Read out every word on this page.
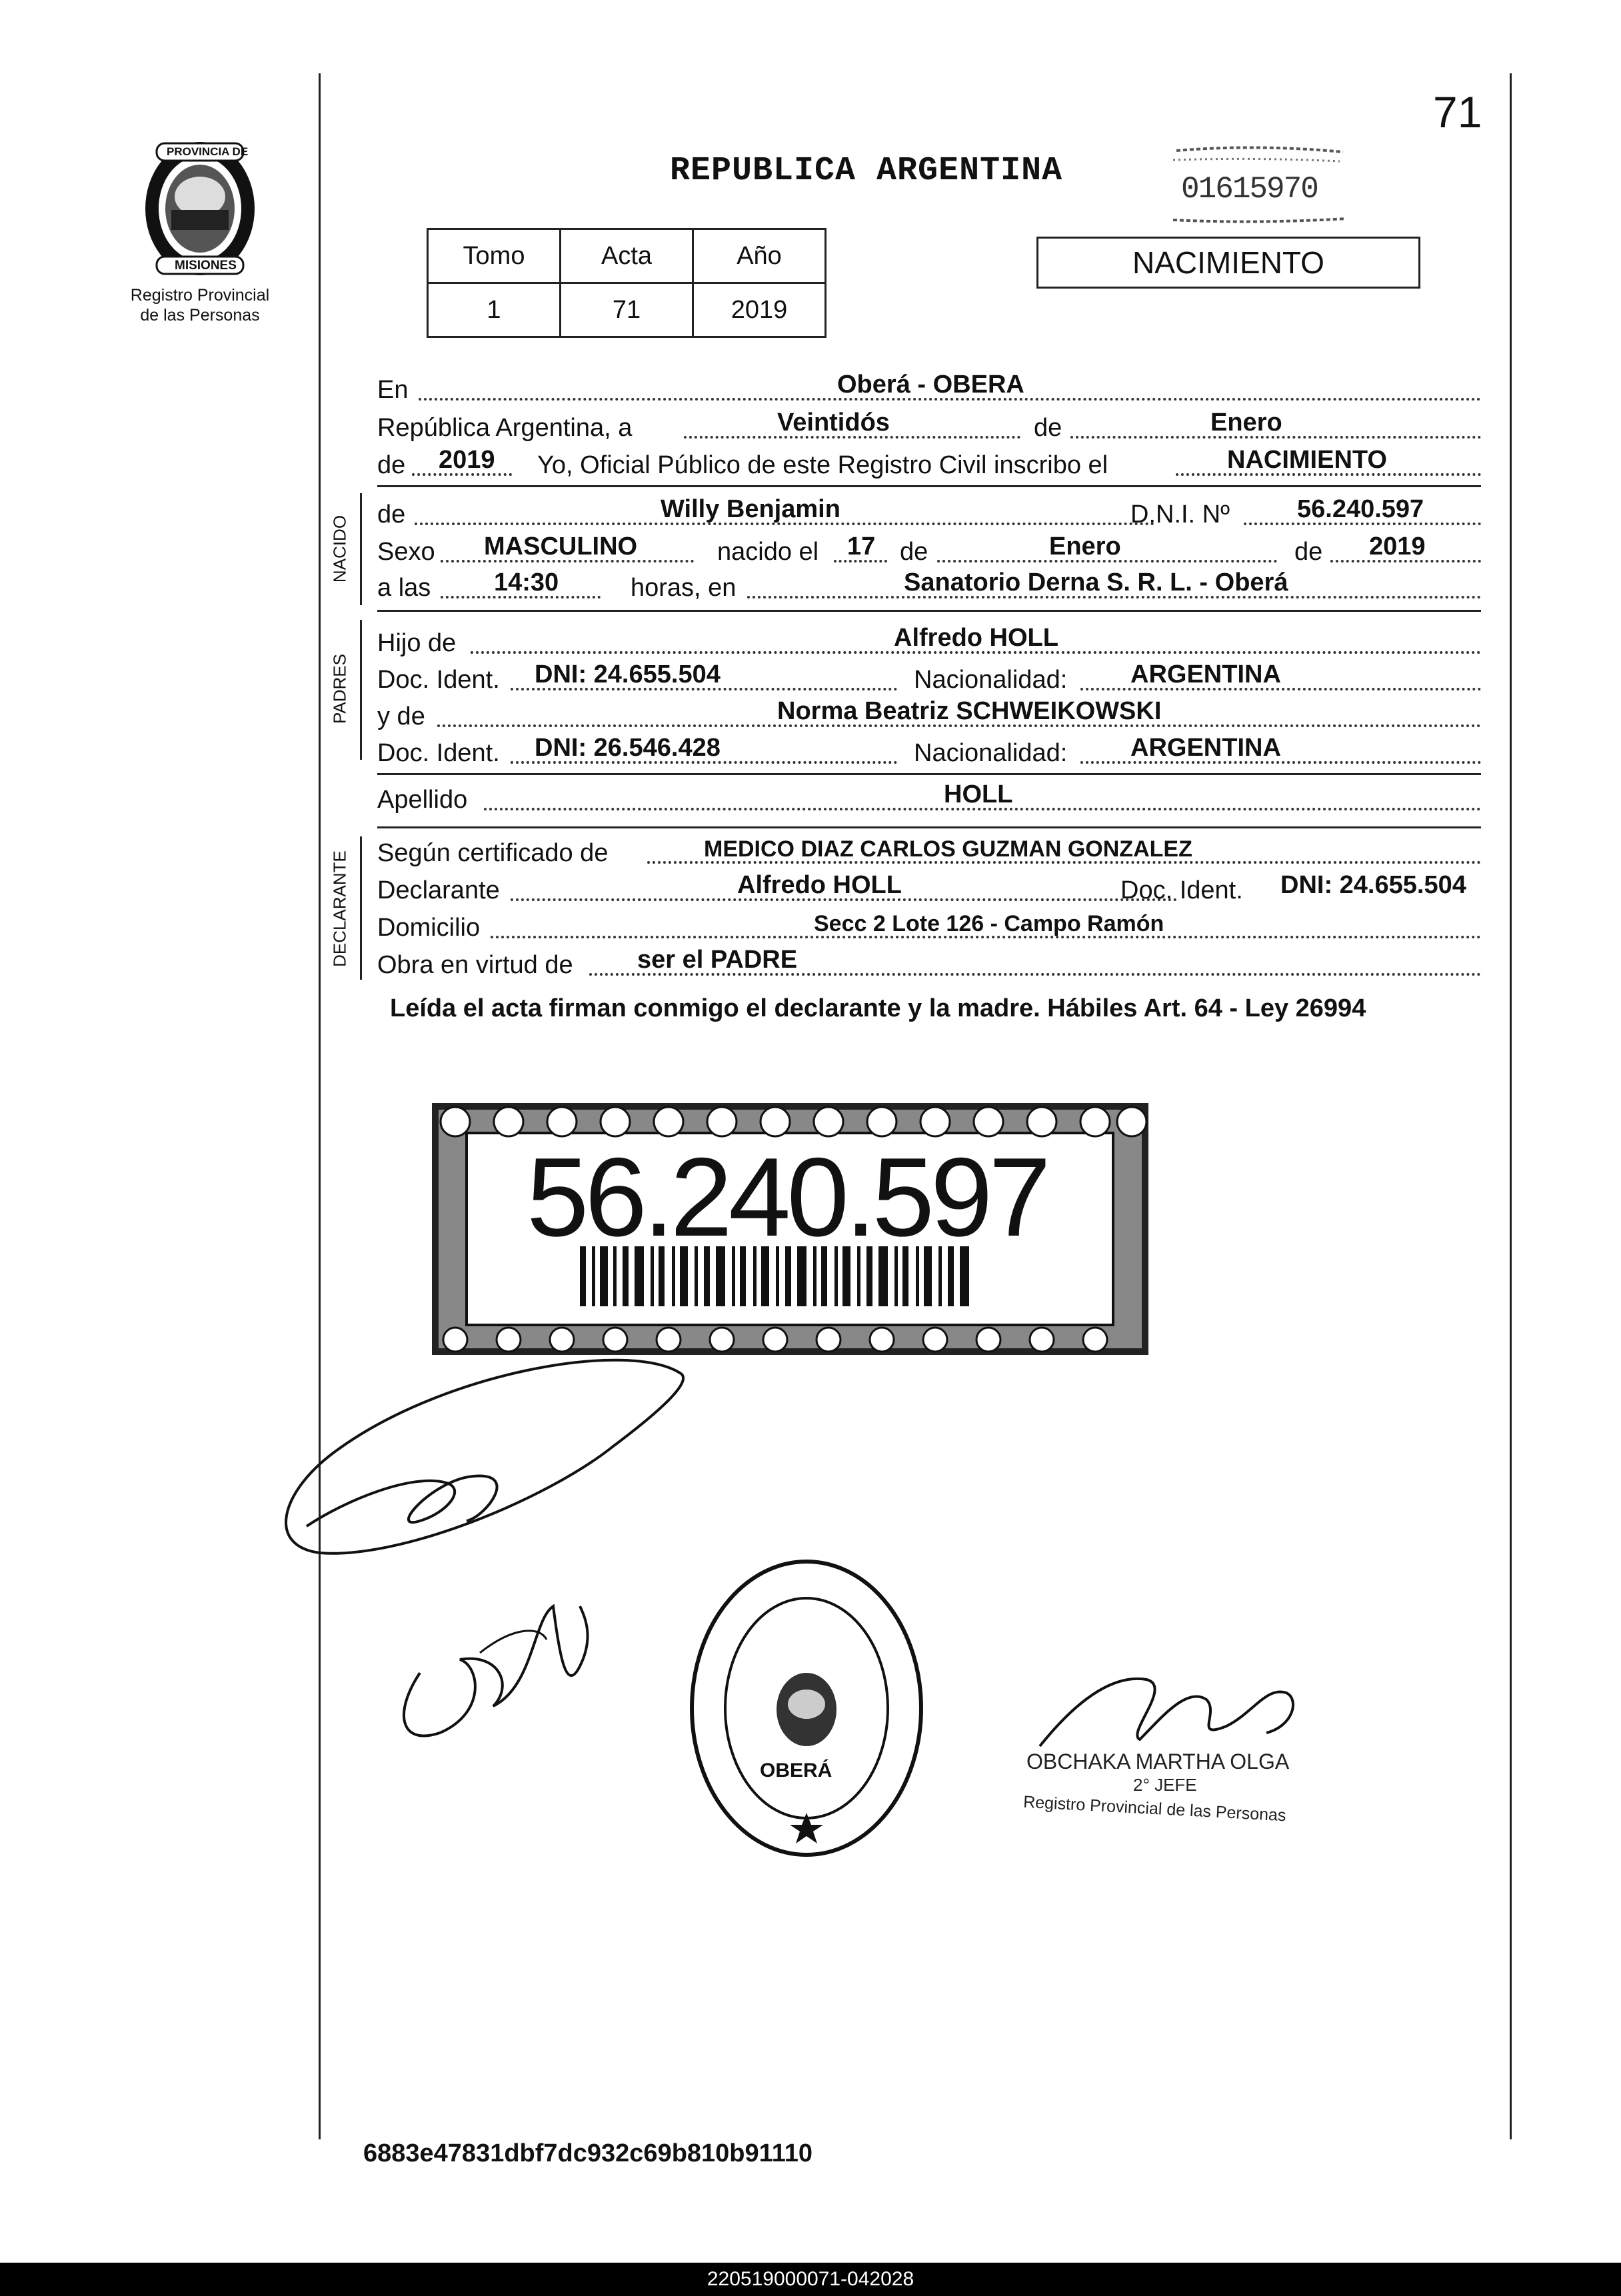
PROVINCIA DE
MISIONES
Registro Provincial
de las Personas
71
REPUBLICA ARGENTINA	01615970
Tomo	Acta	Año
1	71	2019
NACIMIENTO
En	Oberá - OBERA
República Argentina, a	Veintidós	de	Enero
de 2019 Yo, Oficial Público de este Registro Civil inscribo el	NACIMIENTO
NACIDO
de	Willy Benjamin	D.N.I. Nº	56.240.597
Sexo MASCULINO	nacido el 17 de	Enero	de 2019
a las 14:30	horas, en	Sanatorio Derna S. R. L. - Oberá
PADRES
Hijo de	Alfredo HOLL
Doc. Ident. DNI: 24.655.504	Nacionalidad: ARGENTINA
y de	Norma Beatriz SCHWEIKOWSKI
Doc. Ident. DNI: 26.546.428	Nacionalidad: ARGENTINA
Apellido	HOLL
DECLARANTE Según certificado de	MEDICO DIAZ CARLOS GUZMAN GONZALEZ
Declarante	Alfredo HOLL	Doc. Ident. DNI: 24.655.504
Domicilio	Secc 2 Lote 126 - Campo Ramón
Obra en virtud de	ser el PADRE
Leída el acta firman conmigo el declarante y la madre. Hábiles Art. 64 - Ley 26994
56.240.597
OBERÁ	OBCHAKA MARTHA OLGA
2° JEFE
Registro Provincial de las Personas
6883e47831dbf7dc932c69b810b91110
220519000071-042028
